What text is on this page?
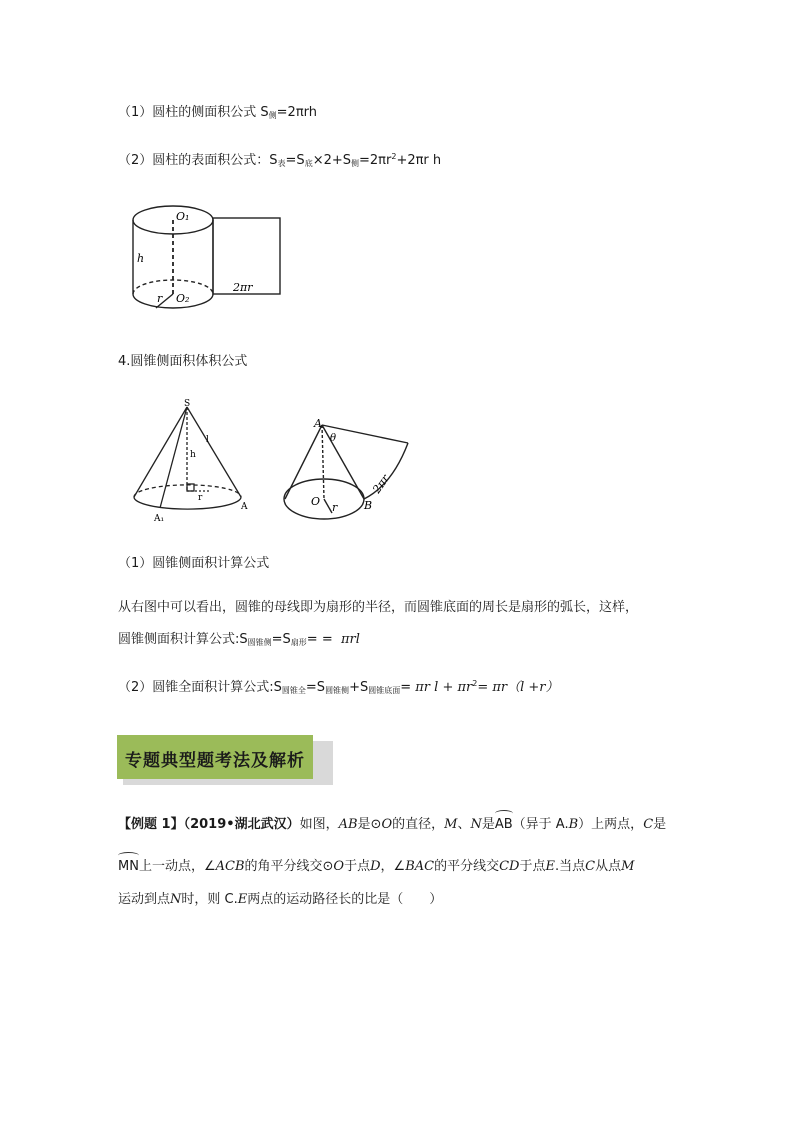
（1）圆柱的侧面积公式 $S_侧=2\pi rh$
（2）圆柱的表面积公式：$S_表=S_底\times 2+S_侧=2\pi r^2+2\pi r$ h
O₁
h
r O₂
2πr
4.圆锥侧面积体积公式
S
l
h
r
A₁
A
A
θ
2πr
O r B
（1）圆锥侧面积计算公式
从右图中可以看出，圆锥的母线即为扇形的半径，而圆锥底面的周长是扇形的弧长，这样，
圆锥侧面积计算公式$:S_{圆锥侧}=S_{扇形}= = \pi rl$
（2）圆锥全面积计算公式$:S_{圆锥全}=S_{圆锥侧}+S_{圆锥底面}= \pi r$ $l + \pi r^2= \pi r(l +r)$
专题典型题考法及解析
【例题 1】（2019•湖北武汉）如图，AB是⊙O的直径，M、N是AB（异于 A.B）上两点，C是
MN上一动点，∠ACB的角平分线交⊙O于点D，∠BAC的平分线交CD于点E.当点C从点M
运动到点N时，则 C.E两点的运动路径长的比是（　　）
